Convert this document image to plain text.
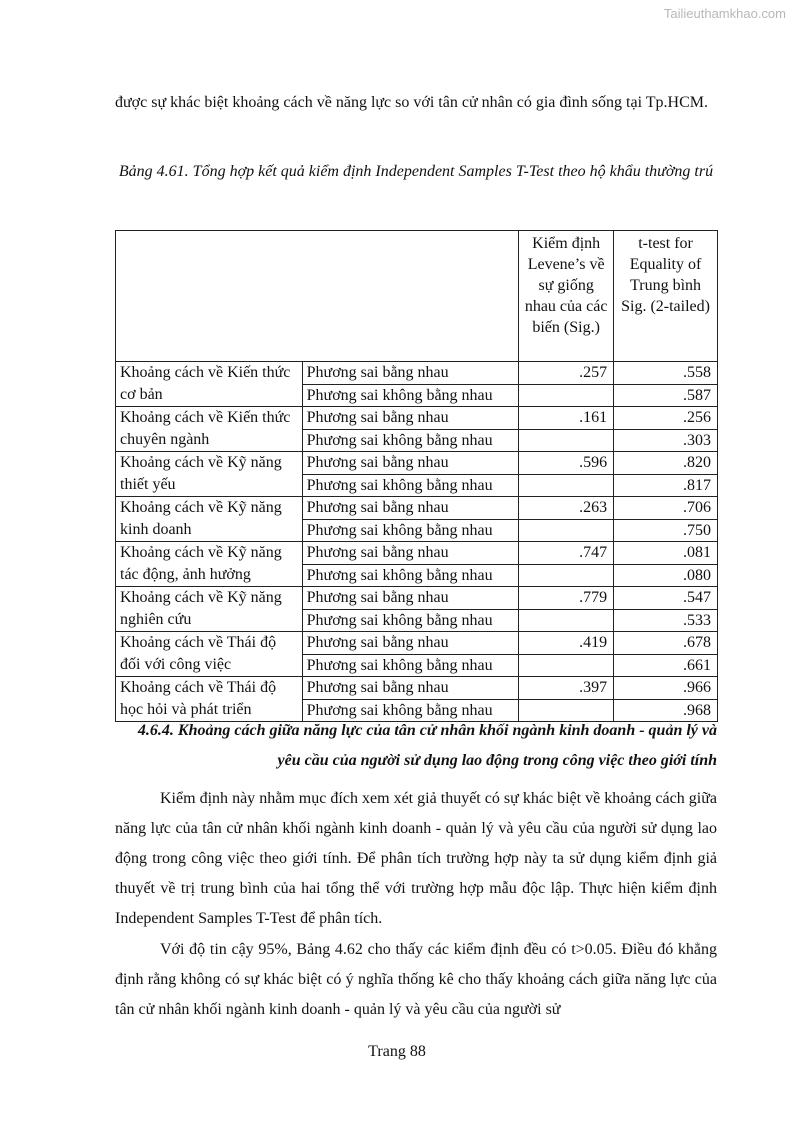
Tailieuthamkhao.com
được sự khác biệt khoảng cách về năng lực so với tân cử nhân có gia đình sống tại Tp.HCM.
Bảng 4.61. Tổng hợp kết quả kiểm định Independent Samples T-Test theo hộ khẩu thường trú
		Kiểm định Levene’s về sự giống nhau của các biến (Sig.)	t-test for Equality of Trung bình Sig. (2-tailed)
Khoảng cách về Kiến thức cơ bản	Phương sai bằng nhau	.257	.558
	Phương sai không bằng nhau		.587
Khoảng cách về Kiến thức chuyên ngành	Phương sai bằng nhau	.161	.256
	Phương sai không bằng nhau		.303
Khoảng cách về Kỹ năng thiết yếu	Phương sai bằng nhau	.596	.820
	Phương sai không bằng nhau		.817
Khoảng cách về Kỹ năng kinh doanh	Phương sai bằng nhau	.263	.706
	Phương sai không bằng nhau		.750
Khoảng cách về Kỹ năng tác động, ảnh hưởng	Phương sai bằng nhau	.747	.081
	Phương sai không bằng nhau		.080
Khoảng cách về Kỹ năng nghiên cứu	Phương sai bằng nhau	.779	.547
	Phương sai không bằng nhau		.533
Khoảng cách về Thái độ đối với công việc	Phương sai bằng nhau	.419	.678
	Phương sai không bằng nhau		.661
Khoảng cách về Thái độ học hỏi và phát triển	Phương sai bằng nhau	.397	.966
	Phương sai không bằng nhau		.968
4.6.4. Khoảng cách giữa năng lực của tân cử nhân khối ngành kinh doanh - quản lý và yêu cầu của người sử dụng lao động trong công việc theo giới tính
Kiểm định này nhằm mục đích xem xét giả thuyết có sự khác biệt về khoảng cách giữa năng lực của tân cử nhân khối ngành kinh doanh - quản lý và yêu cầu của người sử dụng lao động trong công việc theo giới tính. Để phân tích trường hợp này ta sử dụng kiểm định giả thuyết về trị trung bình của hai tổng thể với trường hợp mẫu độc lập. Thực hiện kiểm định Independent Samples T-Test để phân tích.
Với độ tin cậy 95%, Bảng 4.62 cho thấy các kiểm định đều có t>0.05. Điều đó khẳng định rằng không có sự khác biệt có ý nghĩa thống kê cho thấy khoảng cách giữa năng lực của tân cử nhân khối ngành kinh doanh - quản lý và yêu cầu của người sử
Trang 88
